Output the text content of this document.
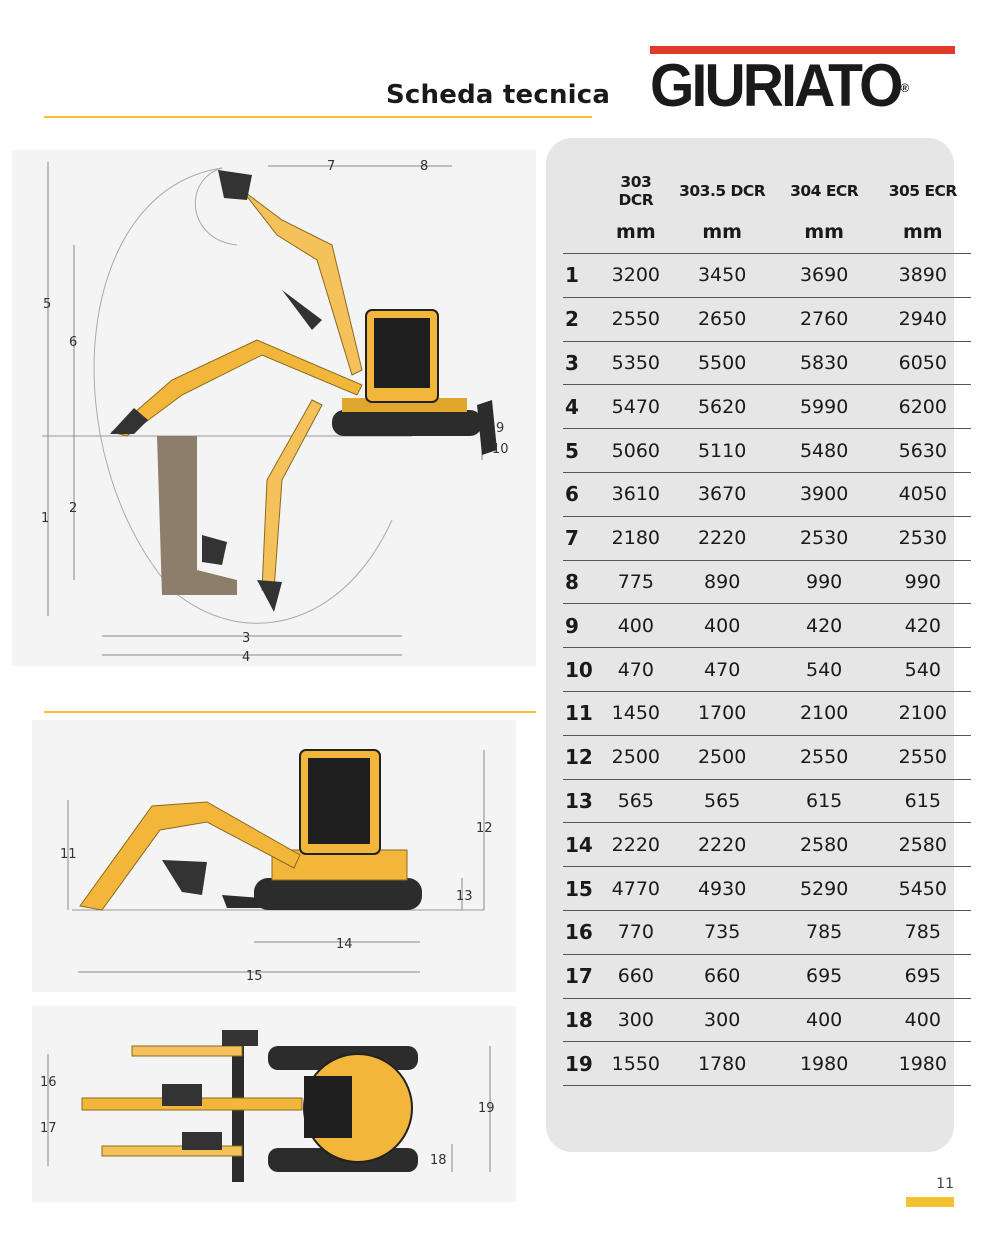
Scheda tecnica GIURIATO®
1
2
3
4
5
6
7	8
9
10
11
12
13
14
15
16
17
18
19
	303 DCR	303.5 DCR	304 ECR	305 ECR
	mm	mm	mm	mm
1	3200	3450	3690	3890
2	2550	2650	2760	2940
3	5350	5500	5830	6050
4	5470	5620	5990	6200
5	5060	5110	5480	5630
6	3610	3670	3900	4050
7	2180	2220	2530	2530
8	775	890	990	990
9	400	400	420	420
10	470	470	540	540
11	1450	1700	2100	2100
12	2500	2500	2550	2550
13	565	565	615	615
14	2220	2220	2580	2580
15	4770	4930	5290	5450
16	770	735	785	785
17	660	660	695	695
18	300	300	400	400
19	1550	1780	1980	1980
11
